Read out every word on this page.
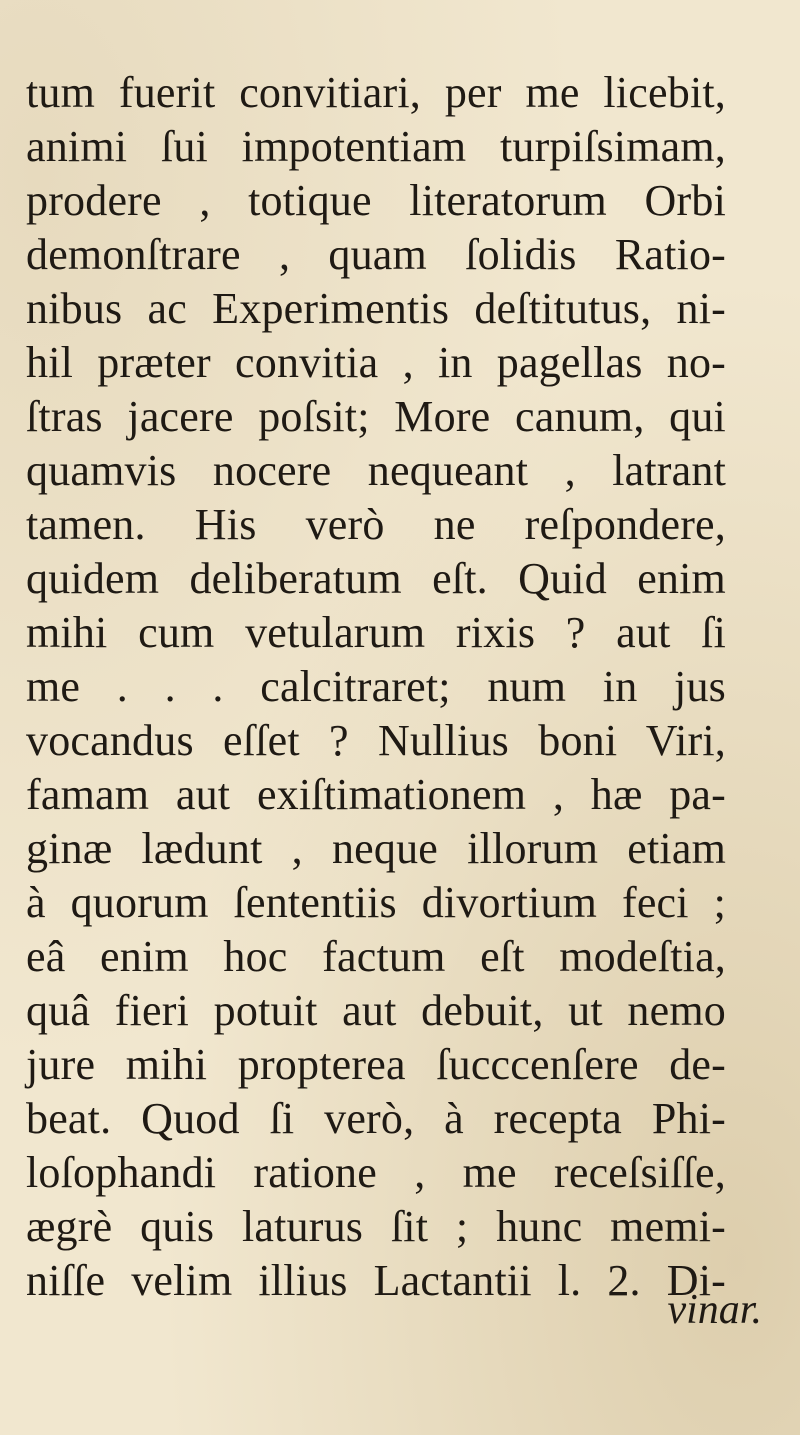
tum fuerit convitiari, per me licebit,
animi ſui impotentiam turpiſsimam,
prodere , totique literatorum Orbi
demonſtrare , quam ſolidis Ratio-
nibus ac Experimentis deſtitutus, ni-
hil præter convitia , in pagellas no-
ſtras jacere poſsit; More canum, qui
quamvis nocere nequeant , latrant
tamen. His verò ne reſpondere,
quidem deliberatum eſt. Quid enim
mihi cum vetularum rixis ? aut ſi
me . . . calcitraret; num in jus
vocandus eſſet ? Nullius boni Viri,
famam aut exiſtimationem , hæ pa-
ginæ lædunt , neque illorum etiam
à quorum ſententiis divortium feci ;
eâ enim hoc factum eſt modeſtia,
quâ fieri potuit aut debuit, ut nemo
jure mihi propterea ſucccenſere de-
beat. Quod ſi verò, à recepta Phi-
loſophandi ratione , me receſsiſſe,
ægrè quis laturus ſit ; hunc memi-
niſſe velim illius Lactantii l. 2. Di-
vinar.
